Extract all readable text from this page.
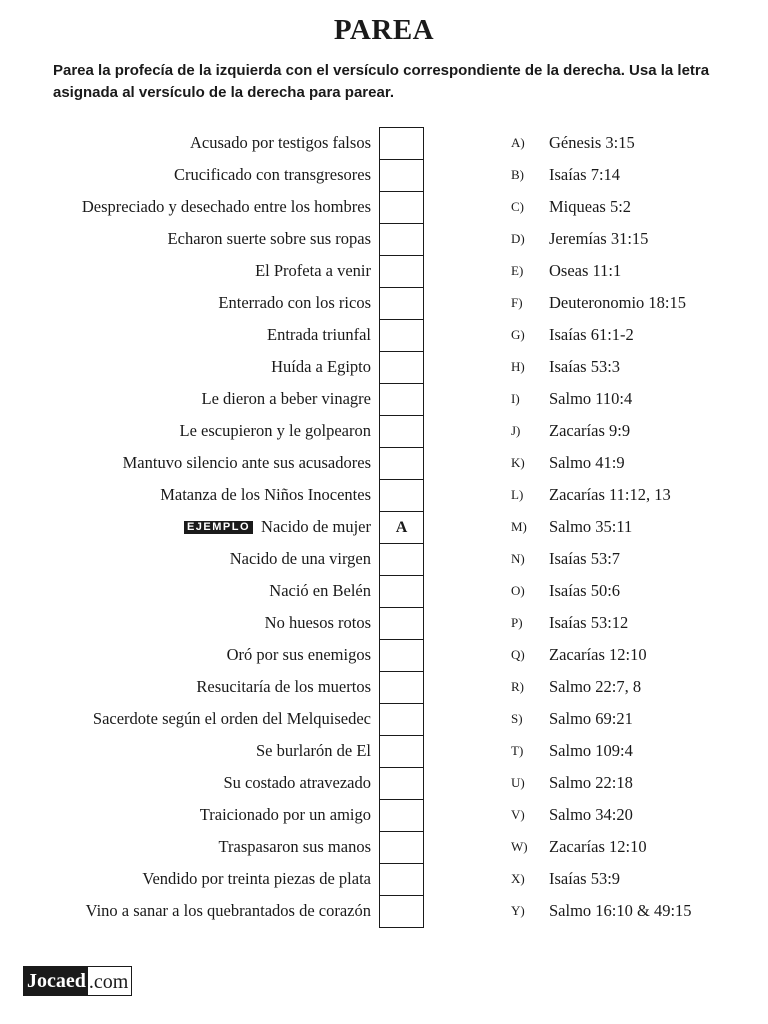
PAREA
Parea la profecía de la izquierda con el versículo correspondiente de la derecha. Usa la letra asignada al versículo de la derecha para parear.
Acusado por testigos falsos	A) Génesis 3:15
Crucificado con transgresores	B) Isaías 7:14
Despreciado y desechado entre los hombres	C) Miqueas 5:2
Echaron suerte sobre sus ropas	D) Jeremías 31:15
El Profeta a venir	E) Oseas 11:1
Enterrado con los ricos	F) Deuteronomio 18:15
Entrada triunfal	G) Isaías 61:1-2
Huída a Egipto	H) Isaías 53:3
Le dieron a beber vinagre	I) Salmo 110:4
Le escupieron y le golpearon	J) Zacarías 9:9
Mantuvo silencio ante sus acusadores	K) Salmo 41:9
Matanza de los Niños Inocentes	L) Zacarías 11:12, 13
EJEMPLO Nacido de mujer	A	M) Salmo 35:11
Nacido de una virgen	N) Isaías 53:7
Nació en Belén	O) Isaías 50:6
No huesos rotos	P) Isaías 53:12
Oró por sus enemigos	Q) Zacarías 12:10
Resucitaría de los muertos	R) Salmo 22:7, 8
Sacerdote según el orden del Melquisedec	S) Salmo 69:21
Se burlarón de El	T) Salmo 109:4
Su costado atravezado	U) Salmo 22:18
Traicionado por un amigo	V) Salmo 34:20
Traspasaron sus manos	W) Zacarías 12:10
Vendido por treinta piezas de plata	X) Isaías 53:9
Vino a sanar a los quebrantados de corazón	Y) Salmo 16:10 & 49:15
Jocaed .com
